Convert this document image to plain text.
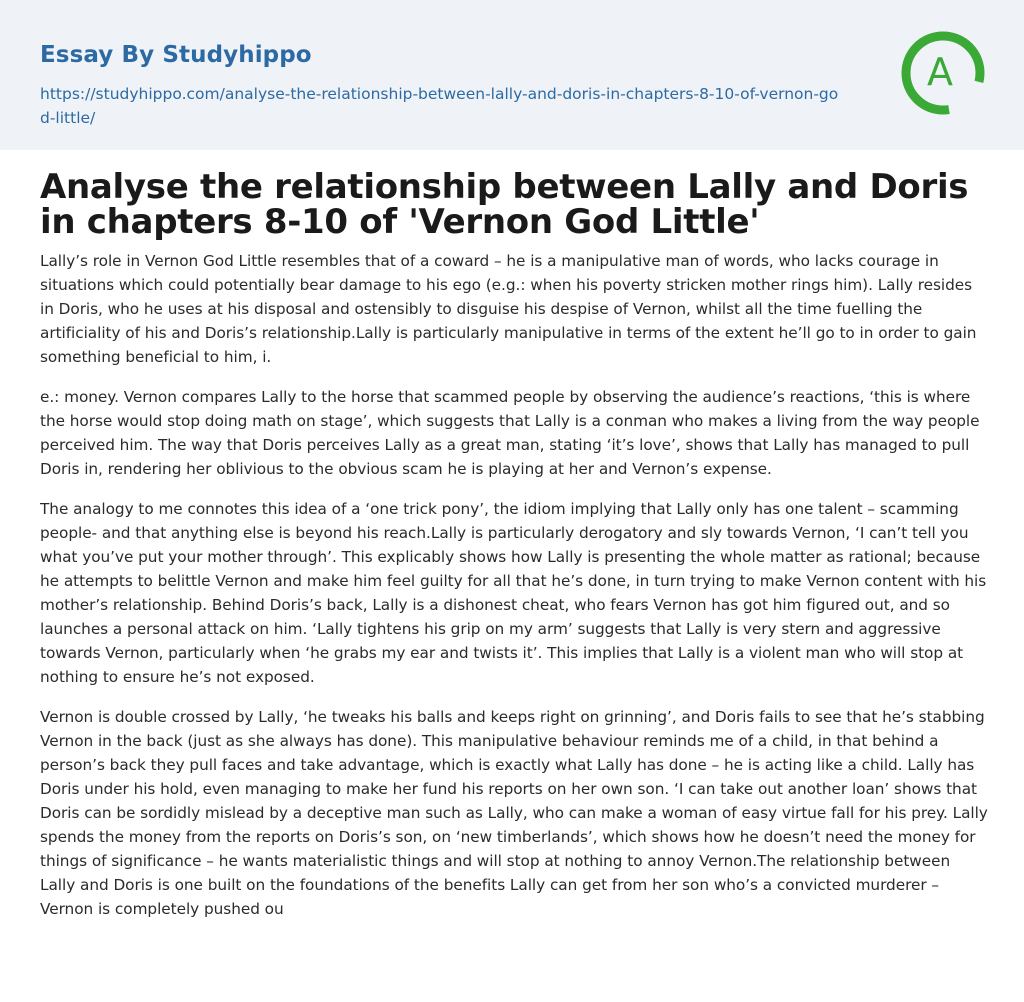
Essay By Studyhippo
https://studyhippo.com/analyse-the-relationship-between-lally-and-doris-in-chapters-8-10-of-vernon-god-little/
A
Analyse the relationship between Lally and Doris in chapters 8-10 of 'Vernon God Little'

Lally’s role in Vernon God Little resembles that of a coward – he is a manipulative man of words, who lacks courage in situations which could potentially bear damage to his ego (e.g.: when his poverty stricken mother rings him). Lally resides in Doris, who he uses at his disposal and ostensibly to disguise his despise of Vernon, whilst all the time fuelling the artificiality of his and Doris’s relationship.Lally is particularly manipulative in terms of the extent he’ll go to in order to gain something beneficial to him, i.

e.: money. Vernon compares Lally to the horse that scammed people by observing the audience’s reactions, ‘this is where the horse would stop doing math on stage’, which suggests that Lally is a conman who makes a living from the way people perceived him. The way that Doris perceives Lally as a great man, stating ‘it’s love’, shows that Lally has managed to pull Doris in, rendering her oblivious to the obvious scam he is playing at her and Vernon’s expense.

The analogy to me connotes this idea of a ‘one trick pony’, the idiom implying that Lally only has one talent – scamming people- and that anything else is beyond his reach.Lally is particularly derogatory and sly towards Vernon, ‘I can’t tell you what you’ve put your mother through’. This explicably shows how Lally is presenting the whole matter as rational; because he attempts to belittle Vernon and make him feel guilty for all that he’s done, in turn trying to make Vernon content with his mother’s relationship. Behind Doris’s back, Lally is a dishonest cheat, who fears Vernon has got him figured out, and so launches a personal attack on him. ‘Lally tightens his grip on my arm’ suggests that Lally is very stern and aggressive towards Vernon, particularly when ‘he grabs my ear and twists it’. This implies that Lally is a violent man who will stop at nothing to ensure he’s not exposed.

Vernon is double crossed by Lally, ‘he tweaks his balls and keeps right on grinning’, and Doris fails to see that he’s stabbing Vernon in the back (just as she always has done). This manipulative behaviour reminds me of a child, in that behind a person’s back they pull faces and take advantage, which is exactly what Lally has done – he is acting like a child. Lally has Doris under his hold, even managing to make her fund his reports on her own son. ‘I can take out another loan’ shows that Doris can be sordidly mislead by a deceptive man such as Lally, who can make a woman of easy virtue fall for his prey. Lally spends the money from the reports on Doris’s son, on ‘new timberlands’, which shows how he doesn’t need the money for things of significance – he wants materialistic things and will stop at nothing to annoy Vernon.The relationship between Lally and Doris is one built on the foundations of the benefits Lally can get from her son who’s a convicted murderer – Vernon is completely pushed ou
